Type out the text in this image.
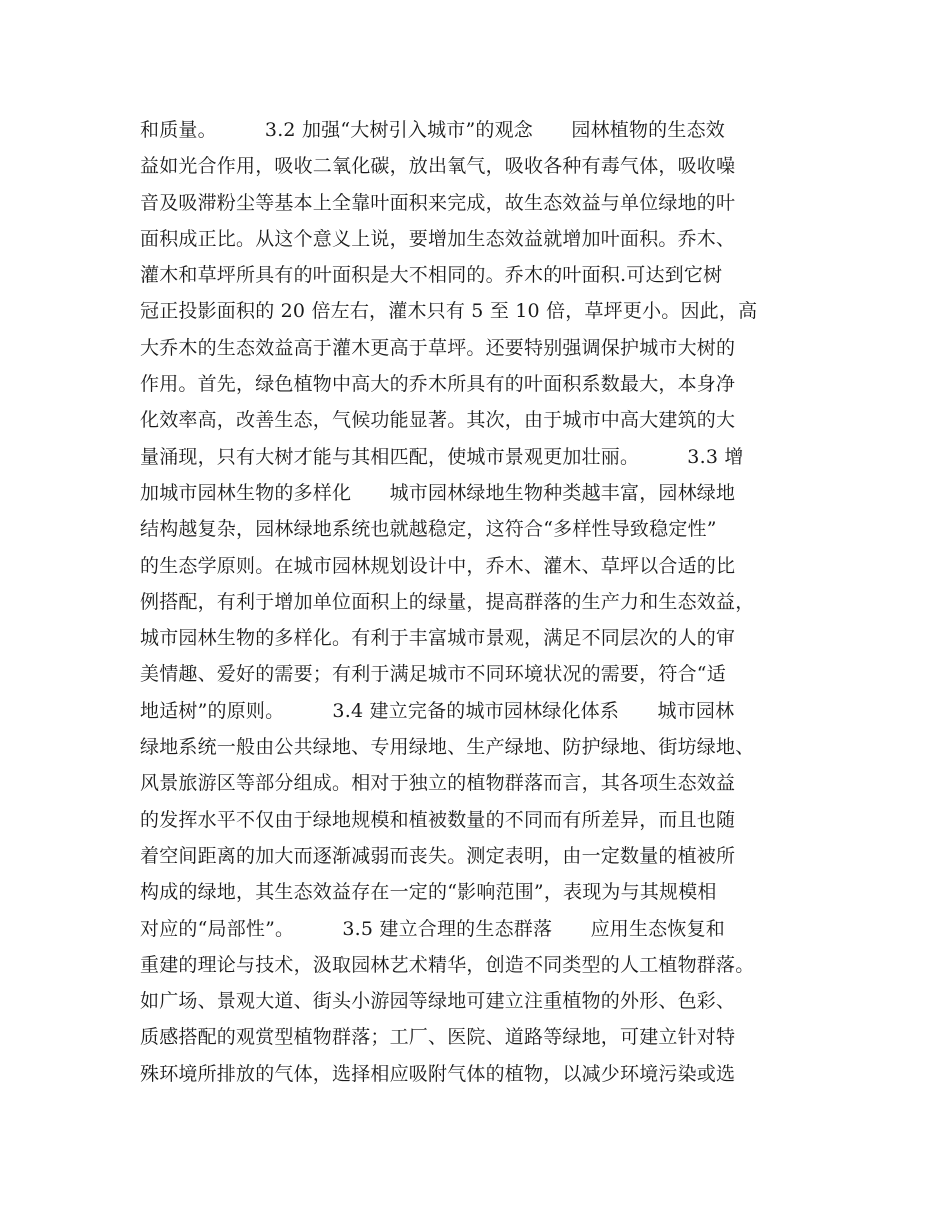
和质量。　　　3.2 加强“大树引入城市”的观念　　园林植物的生态效
益如光合作用，吸收二氧化碳，放出氧气，吸收各种有毒气体，吸收噪
音及吸滞粉尘等基本上全靠叶面积来完成，故生态效益与单位绿地的叶
面积成正比。从这个意义上说，要增加生态效益就增加叶面积。乔木、
灌木和草坪所具有的叶面积是大不相同的。乔木的叶面积.可达到它树
冠正投影面积的 20 倍左右，灌木只有 5 至 10 倍，草坪更小。因此，高
大乔木的生态效益高于灌木更高于草坪。还要特别强调保护城市大树的
作用。首先，绿色植物中高大的乔木所具有的叶面积系数最大，本身净
化效率高，改善生态，气候功能显著。其次，由于城市中高大建筑的大
量涌现，只有大树才能与其相匹配，使城市景观更加壮丽。　　　3.3 增
加城市园林生物的多样化　　城市园林绿地生物种类越丰富，园林绿地
结构越复杂，园林绿地系统也就越稳定，这符合“多样性导致稳定性”
的生态学原则。在城市园林规划设计中，乔木、灌木、草坪以合适的比
例搭配，有利于增加单位面积上的绿量，提高群落的生产力和生态效益，
城市园林生物的多样化。有利于丰富城市景观，满足不同层次的人的审
美情趣、爱好的需要；有利于满足城市不同环境状况的需要，符合“适
地适树”的原则。　　　3.4 建立完备的城市园林绿化体系　　城市园林
绿地系统一般由公共绿地、专用绿地、生产绿地、防护绿地、街坊绿地、
风景旅游区等部分组成。相对于独立的植物群落而言，其各项生态效益
的发挥水平不仅由于绿地规模和植被数量的不同而有所差异，而且也随
着空间距离的加大而逐渐减弱而丧失。测定表明，由一定数量的植被所
构成的绿地，其生态效益存在一定的“影响范围”，表现为与其规模相
对应的“局部性”。　　　3.5 建立合理的生态群落　　应用生态恢复和
重建的理论与技术，汲取园林艺术精华，创造不同类型的人工植物群落。
如广场、景观大道、街头小游园等绿地可建立注重植物的外形、色彩、
质感搭配的观赏型植物群落；工厂、医院、道路等绿地，可建立针对特
殊环境所排放的气体，选择相应吸附气体的植物，以减少环境污染或选
